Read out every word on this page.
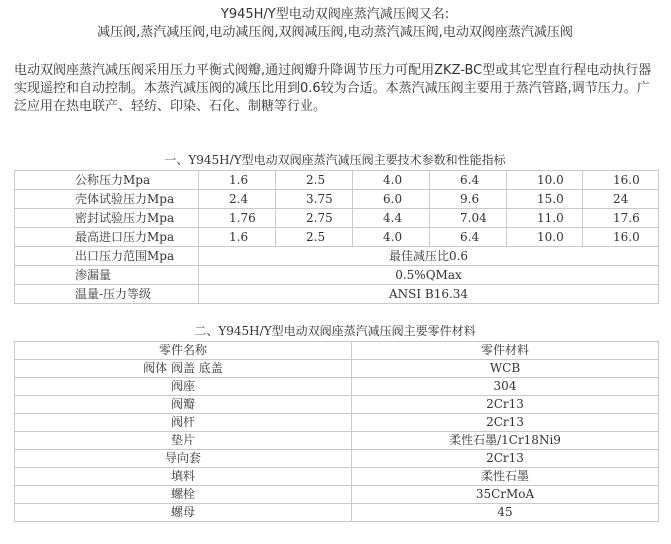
Y945H/Y型电动双阀座蒸汽减压阀又名:
减压阀,蒸汽减压阀,电动减压阀,双阀减压阀,电动蒸汽减压阀,电动双阀座蒸汽减压阀
电动双阀座蒸汽减压阀采用压力平衡式阀瓣,通过阀瓣升降调节压力可配用ZKZ-BC型或其它型直行程电动执行器实现遥控和自动控制。本蒸汽减压阀的减压比用到0.6较为合适。本蒸汽减压阀主要用于蒸汽管路,调节压力。广泛应用在热电联产、轻纺、印染、石化、制糖等行业。
一、Y945H/Y型电动双阀座蒸汽减压阀主要技术参数和性能指标
公称压力Mpa	1.6	2.5	4.0	6.4	10.0	16.0
壳体试验压力Mpa	2.4	3.75	6.0	9.6	15.0	24
密封试验压力Mpa	1.76	2.75	4.4	7.04	11.0	17.6
最高进口压力Mpa	1.6	2.5	4.0	6.4	10.0	16.0
出口压力范围Mpa	最佳减压比0.6					
渗漏量	0.5%QMax					
温量-压力等级	ANSI B16.34					
二、Y945H/Y型电动双阀座蒸汽减压阀主要零件材料
零件名称	零件材料
阀体 阀盖 底盖	WCB
阀座	304
阀瓣	2Cr13
阀杆	2Cr13
垫片	柔性石墨/1Cr18Ni9
导向套	2Cr13
填料	柔性石墨
螺栓	35CrMoA
螺母	45
